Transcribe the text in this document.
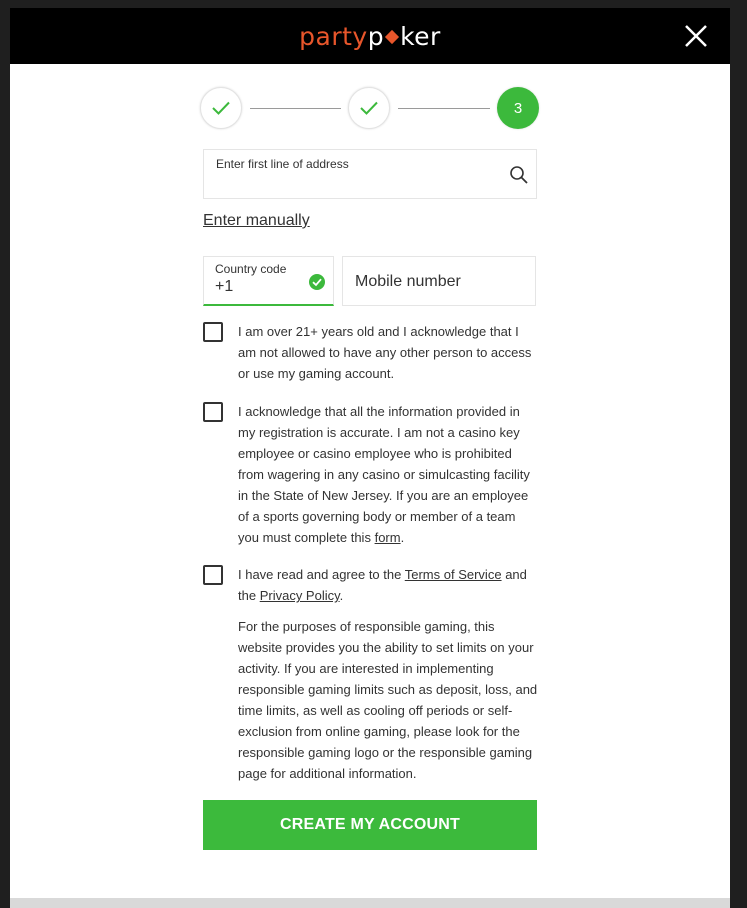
partyp ker
3
Enter first line of address
Enter manually
Country code
+1	Mobile number
I am over 21+ years old and I acknowledge that I am not allowed to have any other person to access or use my gaming account.
I acknowledge that all the information provided in my registration is accurate. I am not a casino key employee or casino employee who is prohibited from wagering in any casino or simulcasting facility in the State of New Jersey. If you are an employee of a sports governing body or member of a team you must complete this form.
I have read and agree to the Terms of Service and the Privacy Policy.
For the purposes of responsible gaming, this website provides you the ability to set limits on your activity. If you are interested in implementing responsible gaming limits such as deposit, loss, and time limits, as well as cooling off periods or self-exclusion from online gaming, please look for the responsible gaming logo or the responsible gaming page for additional information.
CREATE MY ACCOUNT
